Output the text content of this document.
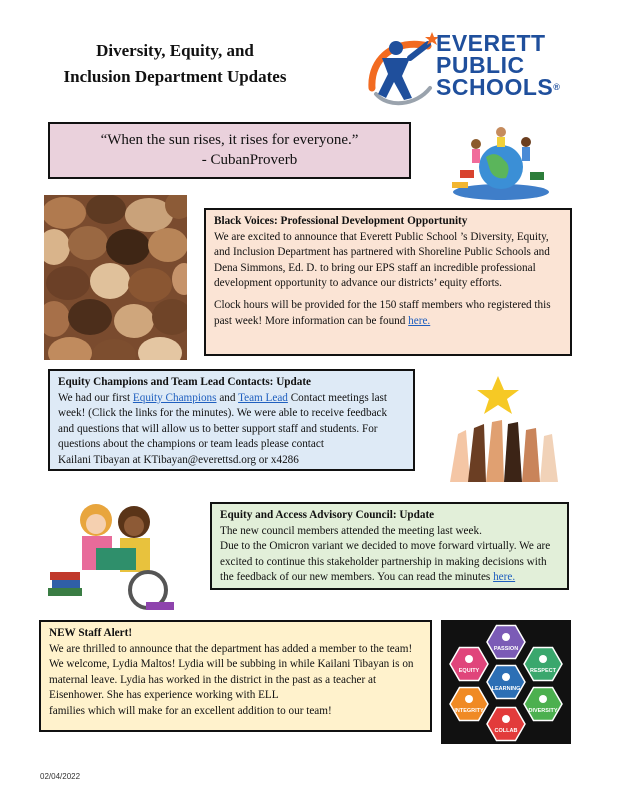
Diversity, Equity, and
Inclusion Department Updates
EVERETT
PUBLIC
SCHOOLS®
“When the sun rises, it rises for everyone.”
- CubanProverb
Black Voices: Professional Development Opportunity
We are excited to announce that Everett Public School ’s Diversity, Equity, and Inclusion Department has partnered with Shoreline Public Schools and Dena Simmons, Ed. D. to bring our EPS staff an incredible professional development opportunity to advance our districts’ equity efforts.
Clock hours will be provided for the 150 staff members who registered this past week! More information can be found here.
Equity Champions and Team Lead Contacts: Update
We had our first Equity Champions and Team Lead Contact meetings last week! (Click the links for the minutes). We were able to receive feedback and questions that will allow us to better support staff and students. For questions about the champions or team leads please contact
Kailani Tibayan at KTibayan@everettsd.org or x4286
Equity and Access Advisory Council: Update
The new council members attended the meeting last week.
Due to the Omicron variant we decided to move forward virtually. We are excited to continue this stakeholder partnership in making decisions with the feedback of our new members. You can read the minutes here.
NEW Staff Alert!
We are thrilled to announce that the department has added a member to the team! We welcome, Lydia Maltos! Lydia will be subbing in while Kailani Tibayan is on maternal leave. Lydia has worked in the district in the past as a teacher at Eisenhower. She has experience working with ELL
families which will make for an excellent addition to our team!
PASSION
EQUITY	RESPECT
LEARNING
INTEGRITY	DIVERSITY
COLLAB
02/04/2022
